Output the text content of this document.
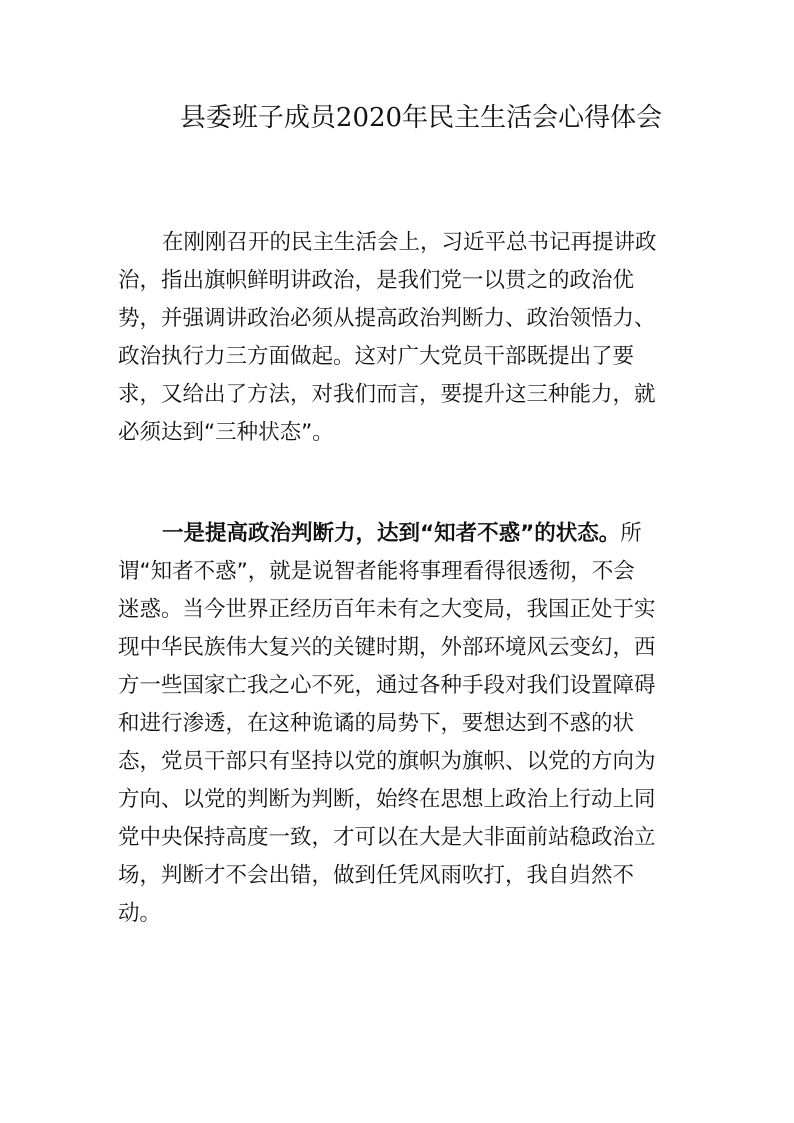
县委班子成员2020年民主生活会心得体会
在刚刚召开的民主生活会上，习近平总书记再提讲政
治，指出旗帜鲜明讲政治，是我们党一以贯之的政治优
势，并强调讲政治必须从提高政治判断力、政治领悟力、
政治执行力三方面做起。这对广大党员干部既提出了要
求，又给出了方法，对我们而言，要提升这三种能力，就
必须达到“三种状态”。
一是提高政治判断力，达到“知者不惑”的状态。所
谓“知者不惑”，就是说智者能将事理看得很透彻，不会
迷惑。当今世界正经历百年未有之大变局，我国正处于实
现中华民族伟大复兴的关键时期，外部环境风云变幻，西
方一些国家亡我之心不死，通过各种手段对我们设置障碍
和进行渗透，在这种诡谲的局势下，要想达到不惑的状
态，党员干部只有坚持以党的旗帜为旗帜、以党的方向为
方向、以党的判断为判断，始终在思想上政治上行动上同
党中央保持高度一致，才可以在大是大非面前站稳政治立
场，判断才不会出错，做到任凭风雨吹打，我自岿然不
动。
